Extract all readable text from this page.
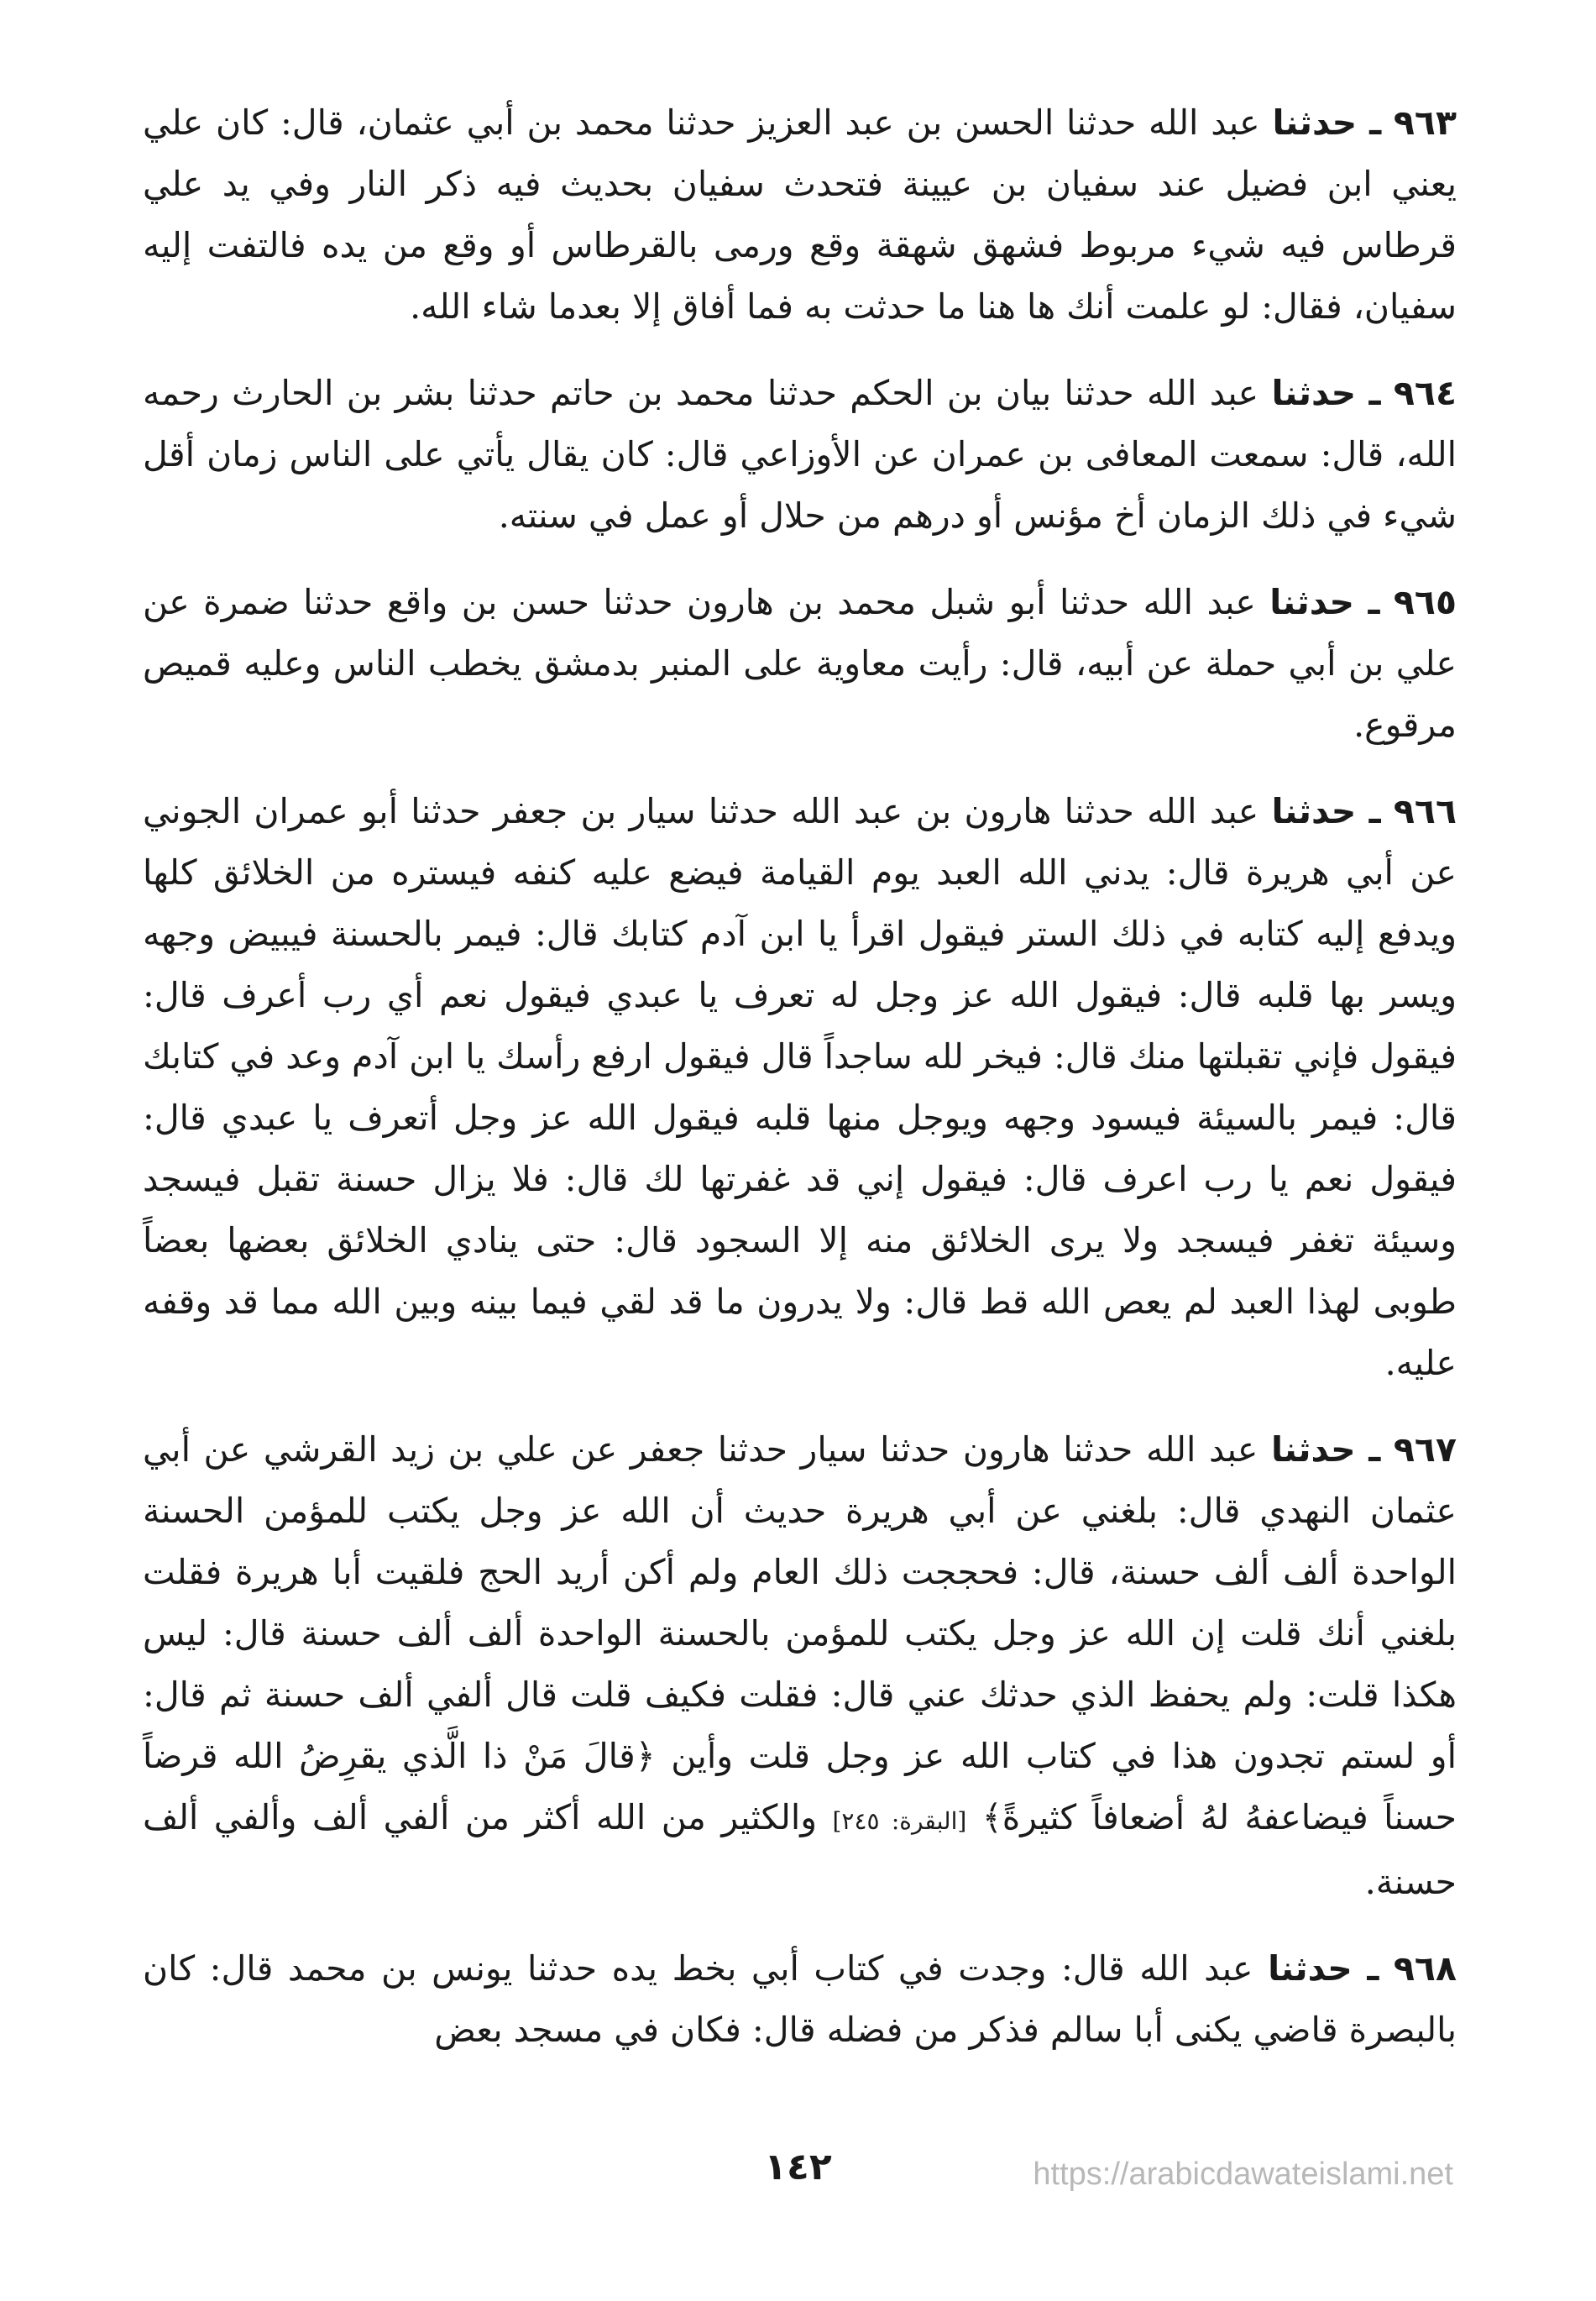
٩٦٣ ـ حدثنا عبد الله حدثنا الحسن بن عبد العزيز حدثنا محمد بن أبي عثمان، قال: كان علي يعني ابن فضيل عند سفيان بن عيينة فتحدث سفيان بحديث فيه ذكر النار وفي يد علي قرطاس فيه شيء مربوط فشهق شهقة وقع ورمى بالقرطاس أو وقع من يده فالتفت إليه سفيان، فقال: لو علمت أنك ها هنا ما حدثت به فما أفاق إلا بعدما شاء الله.

٩٦٤ ـ حدثنا عبد الله حدثنا بيان بن الحكم حدثنا محمد بن حاتم حدثنا بشر بن الحارث رحمه الله، قال: سمعت المعافى بن عمران عن الأوزاعي قال: كان يقال يأتي على الناس زمان أقل شيء في ذلك الزمان أخ مؤنس أو درهم من حلال أو عمل في سنته.

٩٦٥ ـ حدثنا عبد الله حدثنا أبو شبل محمد بن هارون حدثنا حسن بن واقع حدثنا ضمرة عن علي بن أبي حملة عن أبيه، قال: رأيت معاوية على المنبر بدمشق يخطب الناس وعليه قميص مرقوع.

٩٦٦ ـ حدثنا عبد الله حدثنا هارون بن عبد الله حدثنا سيار بن جعفر حدثنا أبو عمران الجوني عن أبي هريرة قال: يدني الله العبد يوم القيامة فيضع عليه كنفه فيستره من الخلائق كلها ويدفع إليه كتابه في ذلك الستر فيقول اقرأ يا ابن آدم كتابك قال: فيمر بالحسنة فيبيض وجهه ويسر بها قلبه قال: فيقول الله عز وجل له تعرف يا عبدي فيقول نعم أي رب أعرف قال: فيقول فإني تقبلتها منك قال: فيخر لله ساجداً قال فيقول ارفع رأسك يا ابن آدم وعد في كتابك قال: فيمر بالسيئة فيسود وجهه ويوجل منها قلبه فيقول الله عز وجل أتعرف يا عبدي قال: فيقول نعم يا رب اعرف قال: فيقول إني قد غفرتها لك قال: فلا يزال حسنة تقبل فيسجد وسيئة تغفر فيسجد ولا يرى الخلائق منه إلا السجود قال: حتى ينادي الخلائق بعضها بعضاً طوبى لهذا العبد لم يعص الله قط قال: ولا يدرون ما قد لقي فيما بينه وبين الله مما قد وقفه عليه.

٩٦٧ ـ حدثنا عبد الله حدثنا هارون حدثنا سيار حدثنا جعفر عن علي بن زيد القرشي عن أبي عثمان النهدي قال: بلغني عن أبي هريرة حديث أن الله عز وجل يكتب للمؤمن الحسنة الواحدة ألف ألف حسنة، قال: فحججت ذلك العام ولم أكن أريد الحج فلقيت أبا هريرة فقلت بلغني أنك قلت إن الله عز وجل يكتب للمؤمن بالحسنة الواحدة ألف ألف حسنة قال: ليس هكذا قلت: ولم يحفظ الذي حدثك عني قال: فقلت فكيف قلت قال ألفي ألف حسنة ثم قال: أو لستم تجدون هذا في كتاب الله عز وجل قلت وأين ﴿قالَ مَنْ ذا الَّذي يقرِضُ الله قرضاً حسناً فيضاعفهُ لهُ أضعافاً كثيرةً﴾ [البقرة: ٢٤٥] والكثير من الله أكثر من ألفي ألف وألفي ألف حسنة.

٩٦٨ ـ حدثنا عبد الله قال: وجدت في كتاب أبي بخط يده حدثنا يونس بن محمد قال: كان بالبصرة قاضي يكنى أبا سالم فذكر من فضله قال: فكان في مسجد بعض

١٤٢	https://arabicdawateislami.net
